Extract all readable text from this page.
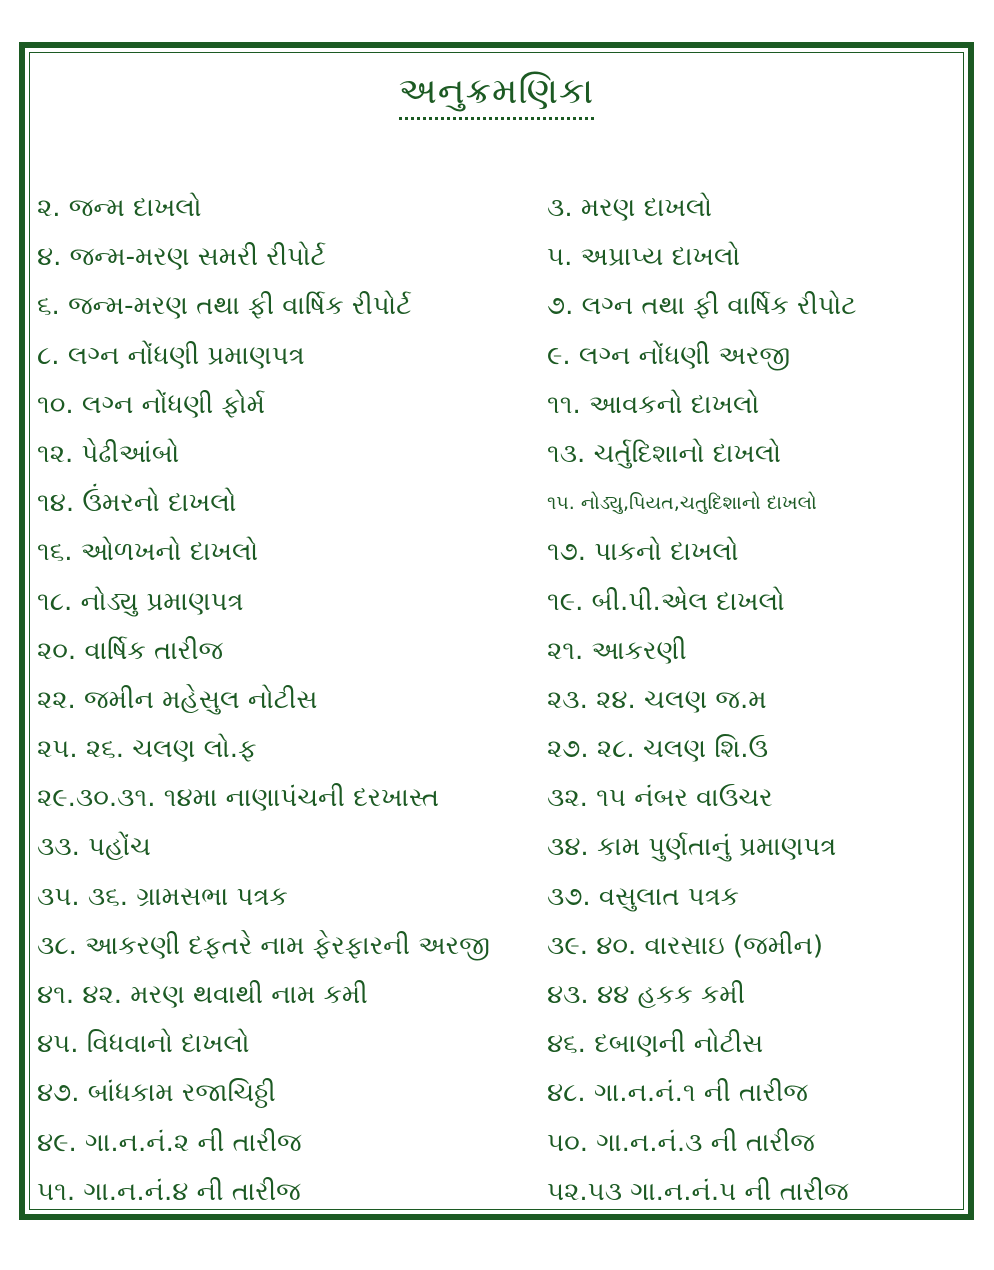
અનુક્રમણિકા
૨. જન્મ દાખલો
૪. જન્મ-મરણ સમરી રીપોર્ટ
૬. જન્મ-મરણ તથા ફી વાર્ષિક રીપોર્ટ
૮. લગ્ન નોંધણી પ્રમાણપત્ર
૧૦. લગ્ન નોંધણી ફોર્મ
૧૨. પેઢીઆંબો
૧૪. ઉંમરનો દાખલો
૧૬. ઓળખનો દાખલો
૧૮. નોડ્યુ પ્રમાણપત્ર
૨૦. વાર્ષિક તારીજ
૨૨. જમીન મહેસુલ નોટીસ
૨૫. ૨૬. ચલણ લો.ફ
૨૯.૩૦.૩૧. ૧૪મા નાણાપંચની દરખાસ્ત
૩૩. પહોંચ
૩૫. ૩૬. ગ્રામસભા પત્રક
૩૮. આકરણી દફતરે નામ ફેરફારની અરજી
૪૧. ૪૨. મરણ થવાથી નામ કમી
૪૫. વિધવાનો દાખલો
૪૭. બાંધકામ રજાચિઠ્ઠી
૪૯. ગા.ન.નં.૨ ની તારીજ
૫૧. ગા.ન.નં.૪ ની તારીજ
૩. મરણ દાખલો
૫. અપ્રાપ્ય દાખલો
૭. લગ્ન તથા ફી વાર્ષિક રીપોટ
૯. લગ્ન નોંધણી અરજી
૧૧. આવકનો દાખલો
૧૩. ચર્તુદિશાનો દાખલો
૧૫. નોડ્યુ,પિયત,ચતુદિશાનો દાખલો
૧૭. પાકનો દાખલો
૧૯. બી.પી.એલ દાખલો
૨૧. આકરણી
૨૩. ૨૪. ચલણ જ.મ
૨૭. ૨૮. ચલણ શિ.ઉ
૩૨. ૧૫ નંબર વાઉચર
૩૪. કામ પુર્ણતાનું પ્રમાણપત્ર
૩૭. વસુલાત પત્રક
૩૯. ૪૦. વારસાઇ (જમીન)
૪૩. ૪૪ હકક કમી
૪૬. દબાણની નોટીસ
૪૮. ગા.ન.નં.૧ ની તારીજ
૫૦. ગા.ન.નં.૩ ની તારીજ
૫૨.૫૩ ગા.ન.નં.૫ ની તારીજ
